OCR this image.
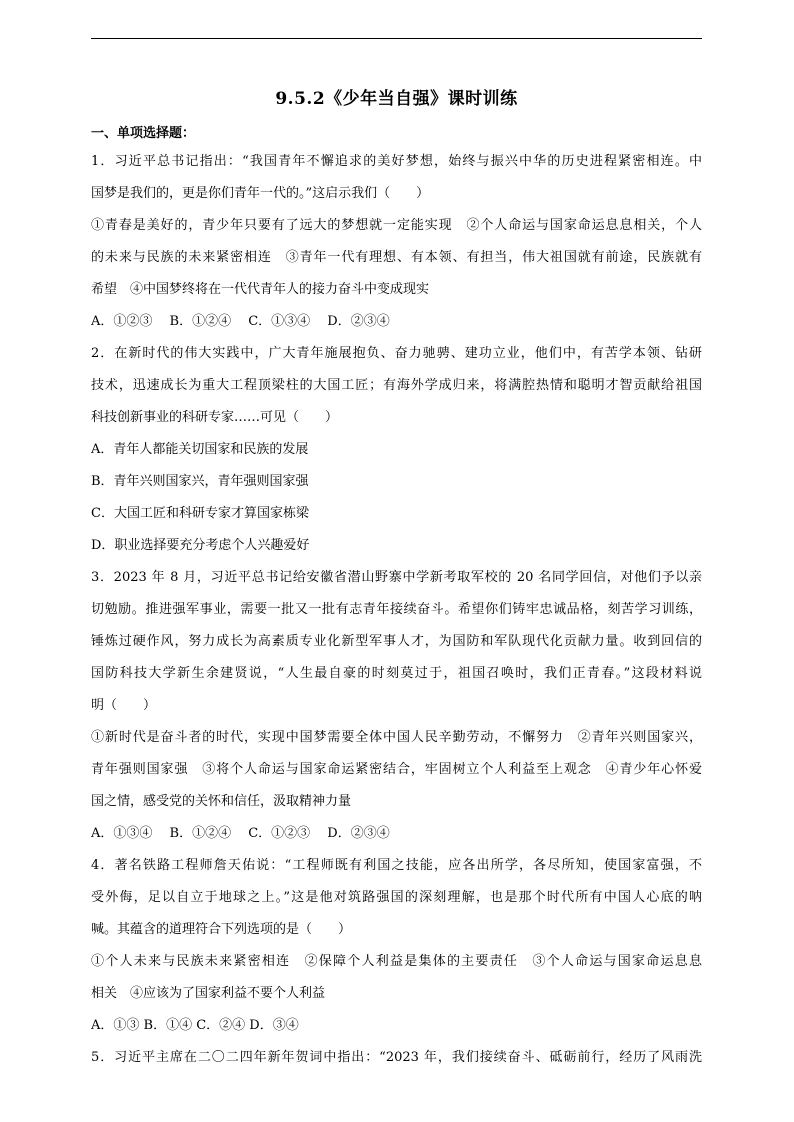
9.5.2《少年当自强》课时训练
一、单项选择题：
1．习近平总书记指出：“我国青年不懈追求的美好梦想，始终与振兴中华的历史进程紧密相连。中
国梦是我们的，更是你们青年一代的。”这启示我们（　　）
①青春是美好的，青少年只要有了远大的梦想就一定能实现　②个人命运与国家命运息息相关，个人
的未来与民族的未来紧密相连　③青年一代有理想、有本领、有担当，伟大祖国就有前途，民族就有
希望　④中国梦终将在一代代青年人的接力奋斗中变成现实
A．①②③　 B．①②④　 C．①③④　 D．②③④
2．在新时代的伟大实践中，广大青年施展抱负、奋力驰骋、建功立业，他们中，有苦学本领、钻研
技术，迅速成长为重大工程顶梁柱的大国工匠；有海外学成归来，将满腔热情和聪明才智贡献给祖国
科技创新事业的科研专家……可见（　　）
A．青年人都能关切国家和民族的发展
B．青年兴则国家兴，青年强则国家强
C．大国工匠和科研专家才算国家栋梁
D．职业选择要充分考虑个人兴趣爱好
3．2023 年 8 月，习近平总书记给安徽省潜山野寨中学新考取军校的 20 名同学回信，对他们予以亲
切勉励。推进强军事业，需要一批又一批有志青年接续奋斗。希望你们铸牢忠诚品格，刻苦学习训练，
锤炼过硬作风，努力成长为高素质专业化新型军事人才，为国防和军队现代化贡献力量。收到回信的
国防科技大学新生余建贤说，“人生最自豪的时刻莫过于，祖国召唤时，我们正青春。”这段材料说
明（　　）
①新时代是奋斗者的时代，实现中国梦需要全体中国人民辛勤劳动，不懈努力　②青年兴则国家兴，
青年强则国家强　③将个人命运与国家命运紧密结合，牢固树立个人利益至上观念　④青少年心怀爱
国之情，感受党的关怀和信任，汲取精神力量
A．①③④　 B．①②④　 C．①②③　 D．②③④
4．著名铁路工程师詹天佑说：“工程师既有利国之技能，应各出所学，各尽所知，使国家富强，不
受外侮，足以自立于地球之上。”这是他对筑路强国的深刻理解，也是那个时代所有中国人心底的呐
喊。其蕴含的道理符合下列选项的是（　　）
①个人未来与民族未来紧密相连　②保障个人利益是集体的主要责任　③个人命运与国家命运息息
相关　④应该为了国家利益不要个人利益
A．①③ B．①④ C．②④ D．③④
5．习近平主席在二〇二四年新年贺词中指出：“2023 年，我们接续奋斗、砥砺前行，经历了风雨洗
